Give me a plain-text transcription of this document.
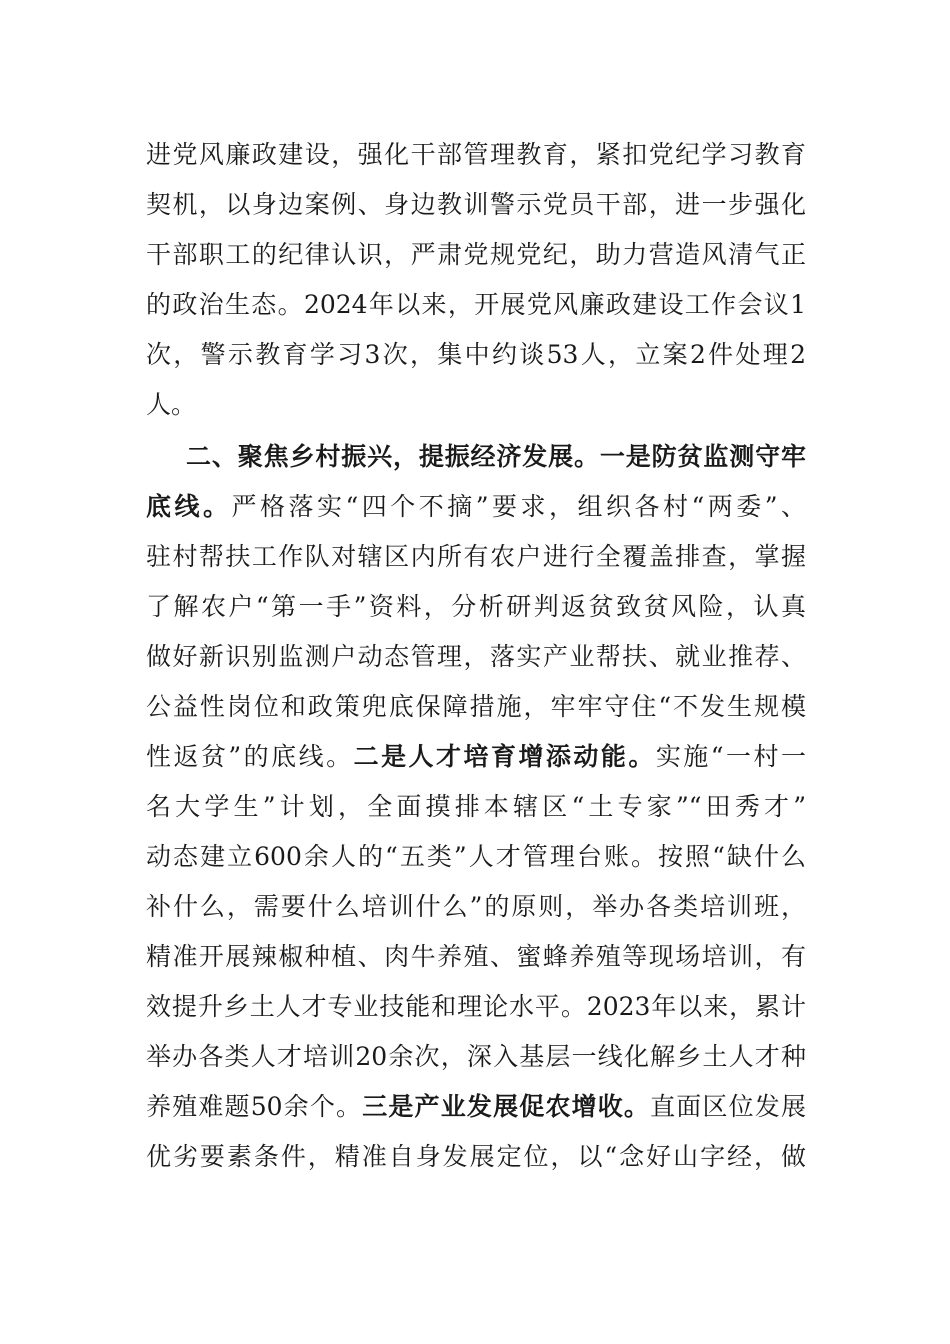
进党风廉政建设，强化干部管理教育，紧扣党纪学习教育
契机，以身边案例、身边教训警示党员干部，进一步强化
干部职工的纪律认识，严肃党规党纪，助力营造风清气正
的政治生态。2024年以来，开展党风廉政建设工作会议1
次，警示教育学习3次，集中约谈53人，立案2件处理2
人。
二、聚焦乡村振兴，提振经济发展。一是防贫监测守牢
底线。严格落实“四个不摘”要求，组织各村“两委”、
驻村帮扶工作队对辖区内所有农户进行全覆盖排查，掌握
了解农户“第一手”资料，分析研判返贫致贫风险，认真
做好新识别监测户动态管理，落实产业帮扶、就业推荐、
公益性岗位和政策兜底保障措施，牢牢守住“不发生规模
性返贫”的底线。二是人才培育增添动能。实施“一村一
名大学生”计划，全面摸排本辖区“土专家”“田秀才”
动态建立600余人的“五类”人才管理台账。按照“缺什么
补什么，需要什么培训什么”的原则，举办各类培训班，
精准开展辣椒种植、肉牛养殖、蜜蜂养殖等现场培训，有
效提升乡土人才专业技能和理论水平。2023年以来，累计
举办各类人才培训20余次，深入基层一线化解乡土人才种
养殖难题50余个。三是产业发展促农增收。直面区位发展
优劣要素条件，精准自身发展定位，以“念好山字经，做
